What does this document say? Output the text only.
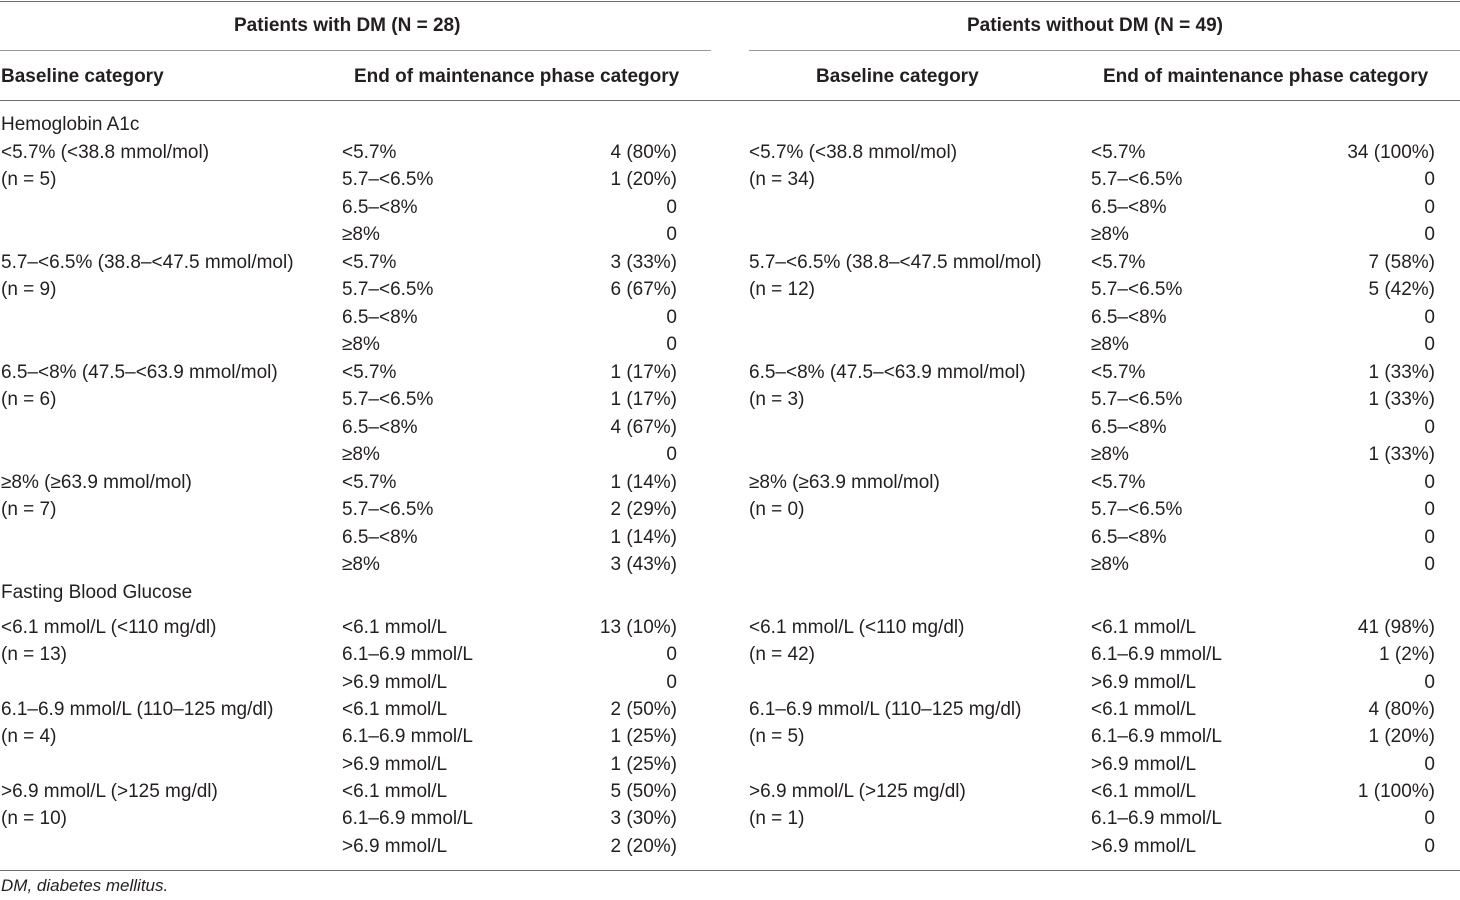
Patients with DM (N = 28)	Patients without DM (N = 49)
Baseline category	End of maintenance phase category	Baseline category	End of maintenance phase category
Hemoglobin A1c
<5.7% (<38.8 mmol/mol)
(n = 5)
<5.7% (<38.8 mmol/mol)
(n = 34)
<5.7%	4 (80%)	<5.7%	34 (100%)
5.7–<6.5%	1 (20%)	5.7–<6.5%	0
6.5–<8%	0	6.5–<8%	0
≥8%	0	≥8%	0
5.7–<6.5% (38.8–<47.5 mmol/mol)
(n = 9)
5.7–<6.5% (38.8–<47.5 mmol/mol)
(n = 12)
<5.7%	3 (33%)	<5.7%	7 (58%)
5.7–<6.5%	6 (67%)	5.7–<6.5%	5 (42%)
6.5–<8%	0	6.5–<8%	0
≥8%	0	≥8%	0
6.5–<8% (47.5–<63.9 mmol/mol)
(n = 6)
6.5–<8% (47.5–<63.9 mmol/mol)
(n = 3)
<5.7%	1 (17%)	<5.7%	1 (33%)
5.7–<6.5%	1 (17%)	5.7–<6.5%	1 (33%)
6.5–<8%	4 (67%)	6.5–<8%	0
≥8%	0	≥8%	1 (33%)
≥8% (≥63.9 mmol/mol)
(n = 7)
≥8% (≥63.9 mmol/mol)
(n = 0)
<5.7%	1 (14%)	<5.7%	0
5.7–<6.5%	2 (29%)	5.7–<6.5%	0
6.5–<8%	1 (14%)	6.5–<8%	0
≥8%	3 (43%)	≥8%	0
Fasting Blood Glucose
<6.1 mmol/L (<110 mg/dl)
(n = 13)
<6.1 mmol/L (<110 mg/dl)
(n = 42)
<6.1 mmol/L	13 (10%)	<6.1 mmol/L	41 (98%)
6.1–6.9 mmol/L	0	6.1–6.9 mmol/L	1 (2%)
>6.9 mmol/L	0	>6.9 mmol/L	0
6.1–6.9 mmol/L (110–125 mg/dl)
(n = 4)
6.1–6.9 mmol/L (110–125 mg/dl)
(n = 5)
<6.1 mmol/L	2 (50%)	<6.1 mmol/L	4 (80%)
6.1–6.9 mmol/L	1 (25%)	6.1–6.9 mmol/L	1 (20%)
>6.9 mmol/L	1 (25%)	>6.9 mmol/L	0
>6.9 mmol/L (>125 mg/dl)
(n = 10)
>6.9 mmol/L (>125 mg/dl)
(n = 1)
<6.1 mmol/L	5 (50%)	<6.1 mmol/L	1 (100%)
6.1–6.9 mmol/L	3 (30%)	6.1–6.9 mmol/L	0
>6.9 mmol/L	2 (20%)	>6.9 mmol/L	0
DM, diabetes mellitus.
